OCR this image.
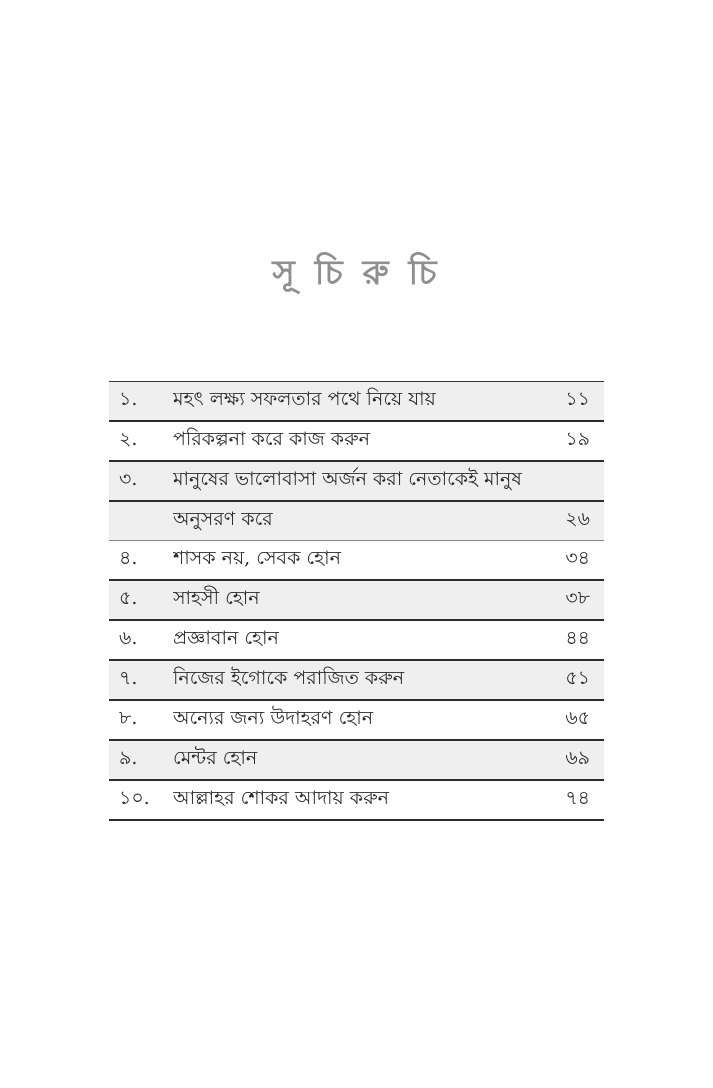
সূ চি রু চি
১.	মহৎ লক্ষ্য সফলতার পথে নিয়ে যায়	১১
২.	পরিকল্পনা করে কাজ করুন	১৯
৩.	মানুষের ভালোবাসা অর্জন করা নেতাকেই মানুষ
অনুসরণ করে	২৬
৪.	শাসক নয়, সেবক হোন	৩৪
৫.	সাহসী হোন	৩৮
৬.	প্রজ্ঞাবান হোন	৪৪
৭.	নিজের ইগোকে পরাজিত করুন	৫১
৮.	অন্যের জন্য উদাহরণ হোন	৬৫
৯.	মেন্টর হোন	৬৯
১০.	আল্লাহর শোকর আদায় করুন	৭৪
